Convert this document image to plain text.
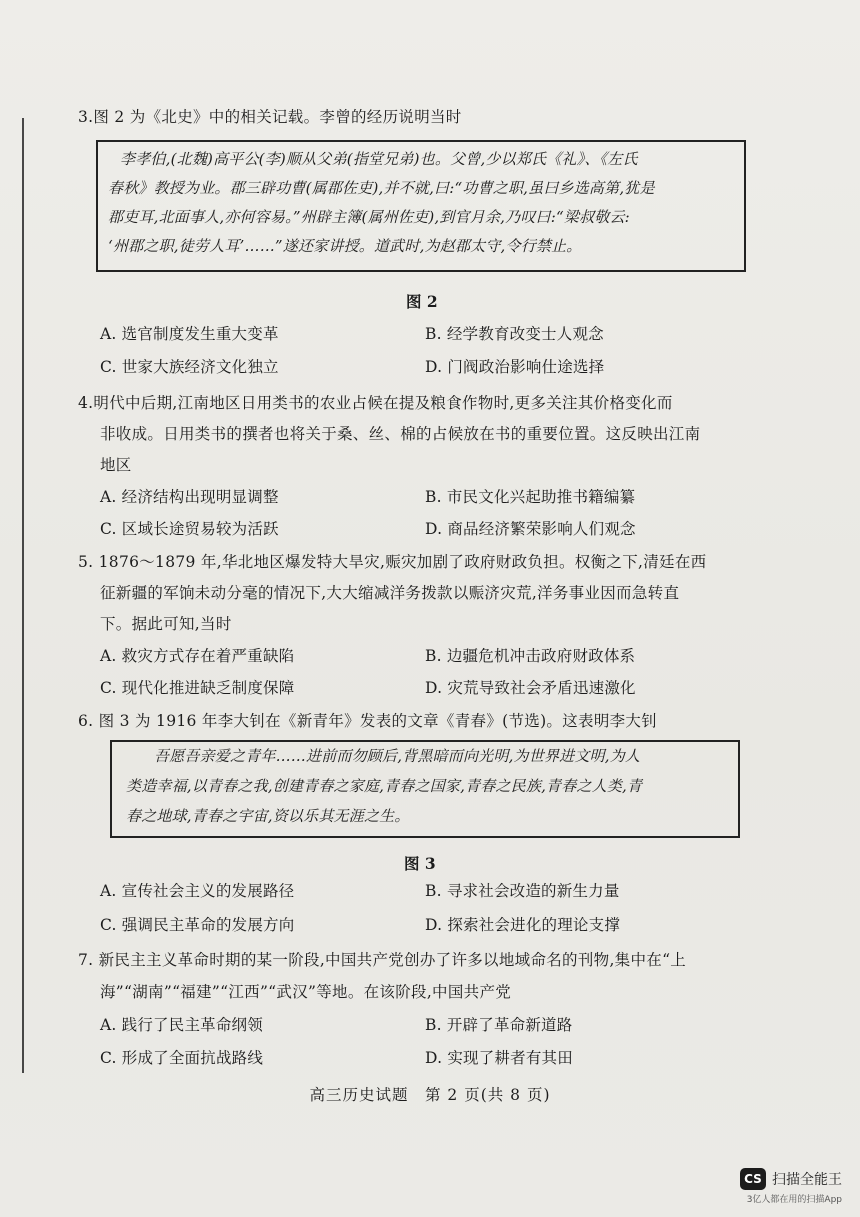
3.图 2 为《北史》中的相关记载。李曾的经历说明当时
李孝伯,(北魏)高平公(李)顺从父弟(指堂兄弟)也。父曾,少以郑氏《礼》、《左氏
春秋》教授为业。郡三辟功曹(属郡佐吏),并不就,曰:“功曹之职,虽曰乡选高第,犹是
郡吏耳,北面事人,亦何容易。”州辟主簿(属州佐吏),到官月余,乃叹曰:“梁叔敬云:
‘州郡之职,徒劳人耳’……”遂还家讲授。道武时,为赵郡太守,令行禁止。
图 2
A. 选官制度发生重大变革	B. 经学教育改变士人观念
C. 世家大族经济文化独立	D. 门阀政治影响仕途选择
4.明代中后期,江南地区日用类书的农业占候在提及粮食作物时,更多关注其价格变化而
非收成。日用类书的撰者也将关于桑、丝、棉的占候放在书的重要位置。这反映出江南
地区
A. 经济结构出现明显调整	B. 市民文化兴起助推书籍编纂
C. 区域长途贸易较为活跃	D. 商品经济繁荣影响人们观念
5. 1876～1879 年,华北地区爆发特大旱灾,赈灾加剧了政府财政负担。权衡之下,清廷在西
征新疆的军饷未动分毫的情况下,大大缩减洋务拨款以赈济灾荒,洋务事业因而急转直
下。据此可知,当时
A. 救灾方式存在着严重缺陷	B. 边疆危机冲击政府财政体系
C. 现代化推进缺乏制度保障	D. 灾荒导致社会矛盾迅速激化
6. 图 3 为 1916 年李大钊在《新青年》发表的文章《青春》(节选)。这表明李大钊
吾愿吾亲爱之青年……进前而勿顾后,背黑暗而向光明,为世界进文明,为人
类造幸福,以青春之我,创建青春之家庭,青春之国家,青春之民族,青春之人类,青
春之地球,青春之宇宙,资以乐其无涯之生。
图 3
A. 宣传社会主义的发展路径	B. 寻求社会改造的新生力量
C. 强调民主革命的发展方向	D. 探索社会进化的理论支撑
7. 新民主主义革命时期的某一阶段,中国共产党创办了许多以地域命名的刊物,集中在“上
海”“湖南”“福建”“江西”“武汉”等地。在该阶段,中国共产党
A. 践行了民主革命纲领	B. 开辟了革命新道路
C. 形成了全面抗战路线	D. 实现了耕者有其田
高三历史试题　第 2 页(共 8 页)
CS 扫描全能王
3亿人都在用的扫描App
